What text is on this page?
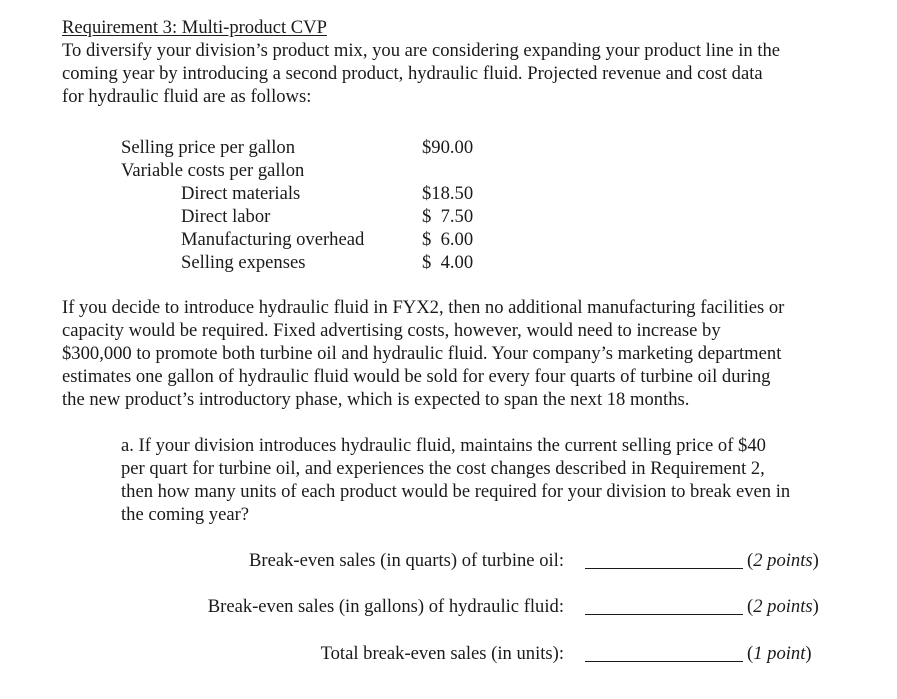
Requirement 3: Multi-product CVP

To diversify your division’s product mix, you are considering expanding your product line in the
coming year by introducing a second product, hydraulic fluid. Projected revenue and cost data
for hydraulic fluid are as follows:

Selling price per gallon	$90.00
Variable costs per gallon
Direct materials	$18.50
Direct labor	$  7.50
Manufacturing overhead	$  6.00
Selling expenses	$  4.00

If you decide to introduce hydraulic fluid in FYX2, then no additional manufacturing facilities or
capacity would be required. Fixed advertising costs, however, would need to increase by
$300,000 to promote both turbine oil and hydraulic fluid. Your company’s marketing department
estimates one gallon of hydraulic fluid would be sold for every four quarts of turbine oil during
the new product’s introductory phase, which is expected to span the next 18 months.

a. If your division introduces hydraulic fluid, maintains the current selling price of $40
per quart for turbine oil, and experiences the cost changes described in Requirement 2,
then how many units of each product would be required for your division to break even in
the coming year?

Break-even sales (in quarts) of turbine oil:	(2 points)
Break-even sales (in gallons) of hydraulic fluid:	(2 points)
Total break-even sales (in units):	(1 point)
